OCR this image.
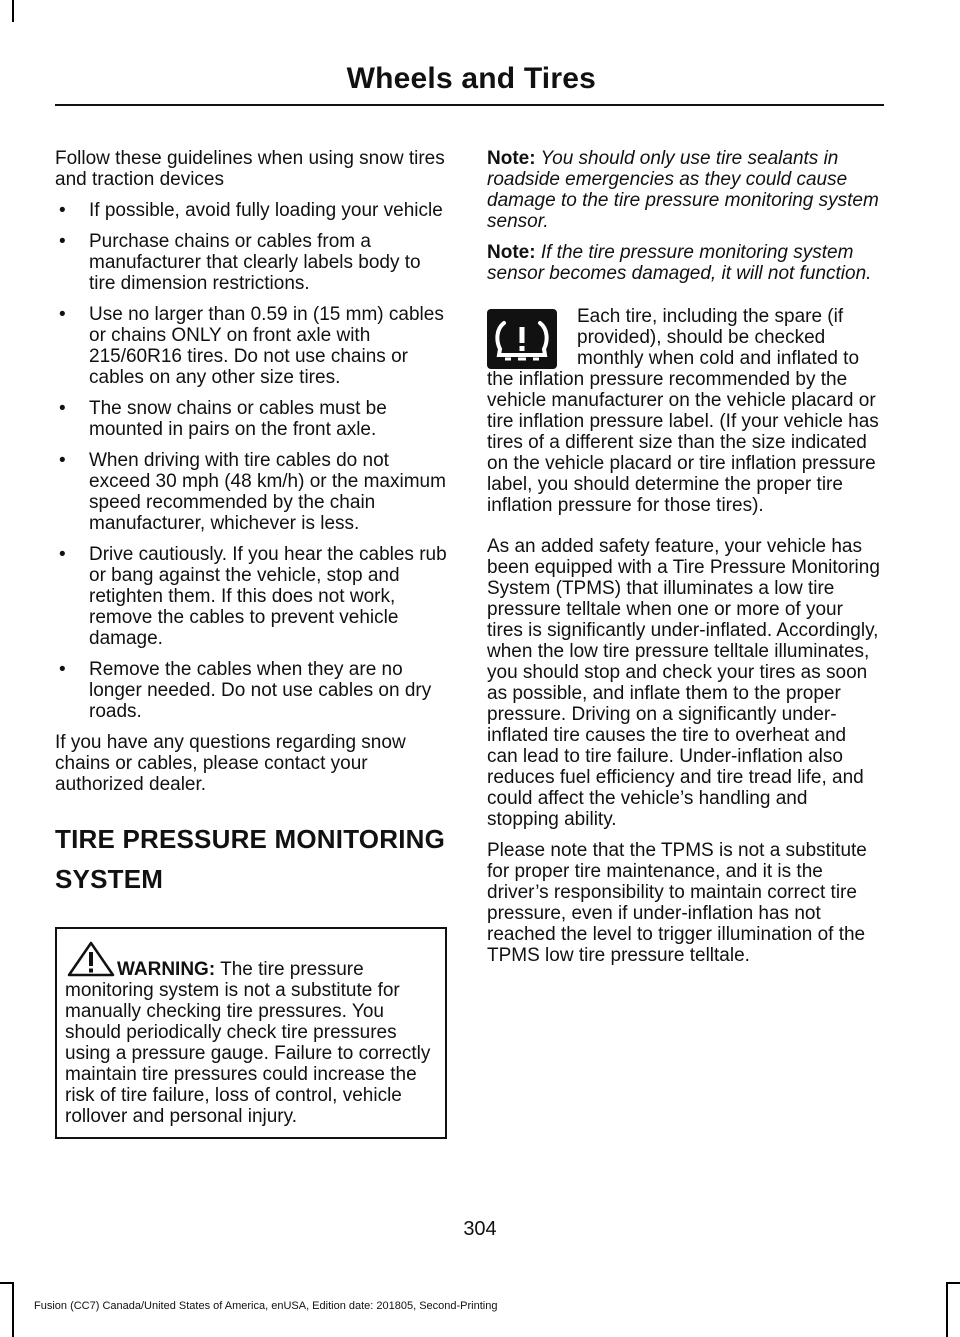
Wheels and Tires

Follow these guidelines when using snow tires and traction devices

• If possible, avoid fully loading your vehicle
• Purchase chains or cables from a manufacturer that clearly labels body to tire dimension restrictions.
• Use no larger than 0.59 in (15 mm) cables or chains ONLY on front axle with 215/60R16 tires. Do not use chains or cables on any other size tires.
• The snow chains or cables must be mounted in pairs on the front axle.
• When driving with tire cables do not exceed 30 mph (48 km/h) or the maximum speed recommended by the chain manufacturer, whichever is less.
• Drive cautiously. If you hear the cables rub or bang against the vehicle, stop and retighten them. If this does not work, remove the cables to prevent vehicle damage.
• Remove the cables when they are no longer needed. Do not use cables on dry roads.

If you have any questions regarding snow chains or cables, please contact your authorized dealer.

TIRE PRESSURE MONITORING
SYSTEM
WARNING: The tire pressure monitoring system is not a substitute for manually checking tire pressures. You should periodically check tire pressures using a pressure gauge. Failure to correctly maintain tire pressures could increase the risk of tire failure, loss of control, vehicle rollover and personal injury.

Note: You should only use tire sealants in roadside emergencies as they could cause damage to the tire pressure monitoring system sensor.

Note: If the tire pressure monitoring system sensor becomes damaged, it will not function.

Each tire, including the spare (if provided), should be checked monthly when cold and inflated to the inflation pressure recommended by the vehicle manufacturer on the vehicle placard or tire inflation pressure label. (If your vehicle has tires of a different size than the size indicated on the vehicle placard or tire inflation pressure label, you should determine the proper tire inflation pressure for those tires).

As an added safety feature, your vehicle has been equipped with a Tire Pressure Monitoring System (TPMS) that illuminates a low tire pressure telltale when one or more of your tires is significantly under-inflated. Accordingly, when the low tire pressure telltale illuminates, you should stop and check your tires as soon as possible, and inflate them to the proper pressure. Driving on a significantly under-inflated tire causes the tire to overheat and can lead to tire failure. Under-inflation also reduces fuel efficiency and tire tread life, and could affect the vehicle’s handling and stopping ability.

Please note that the TPMS is not a substitute for proper tire maintenance, and it is the driver’s responsibility to maintain correct tire pressure, even if under-inflation has not reached the level to trigger illumination of the TPMS low tire pressure telltale.

304
Fusion (CC7) Canada/United States of America, enUSA, Edition date: 201805, Second-Printing
